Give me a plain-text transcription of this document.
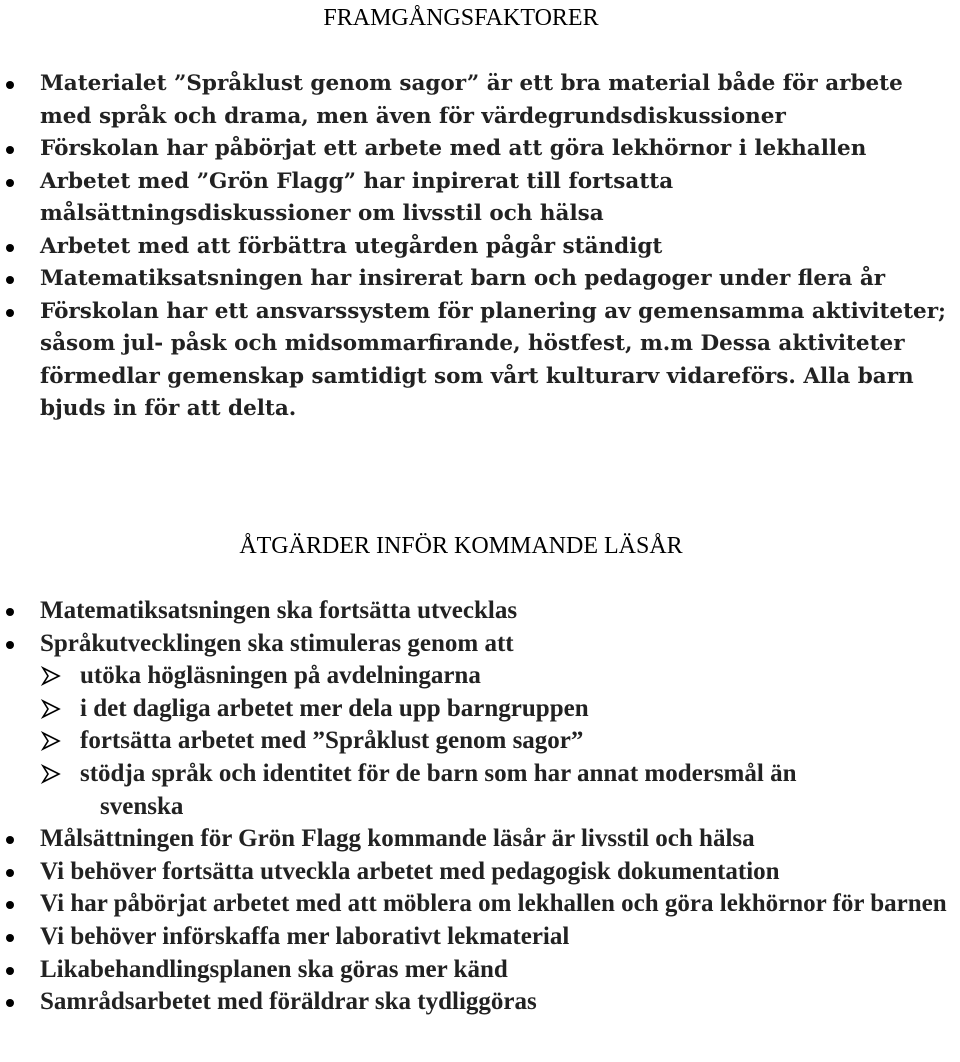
FRAMGÅNGSFAKTORER
Materialet ”Språklust genom sagor” är ett bra material både för arbete med språk och drama, men även för värdegrundsdiskussioner
Förskolan har påbörjat ett arbete med att göra lekhörnor i lekhallen
Arbetet med ”Grön Flagg” har inpirerat till fortsatta målsättningsdiskussioner om livsstil och hälsa
Arbetet med att förbättra utegården pågår ständigt
Matematiksatsningen har insirerat barn och pedagoger under flera år
Förskolan har ett ansvarssystem för planering av gemensamma aktiviteter; såsom jul- påsk och midsommarfirande, höstfest, m.m Dessa aktiviteter förmedlar gemenskap samtidigt som vårt kulturarv vidareförs. Alla barn bjuds in för att delta.
ÅTGÄRDER INFÖR KOMMANDE LÄSÅR
Matematiksatsningen ska fortsätta utvecklas
Språkutvecklingen ska stimuleras genom att
utöka högläsningen på avdelningarna
i det dagliga arbetet mer dela upp barngruppen
fortsätta arbetet med ”Språklust genom sagor”
stödja språk och identitet för de barn som har annat modersmål än
svenska
Målsättningen för Grön Flagg kommande läsår är livsstil och hälsa
Vi behöver fortsätta utveckla arbetet med pedagogisk dokumentation
Vi har påbörjat arbetet med att möblera om lekhallen och göra lekhörnor för barnen
Vi behöver införskaffa mer laborativt lekmaterial
Likabehandlingsplanen ska göras mer känd
Samrådsarbetet med föräldrar ska tydliggöras
